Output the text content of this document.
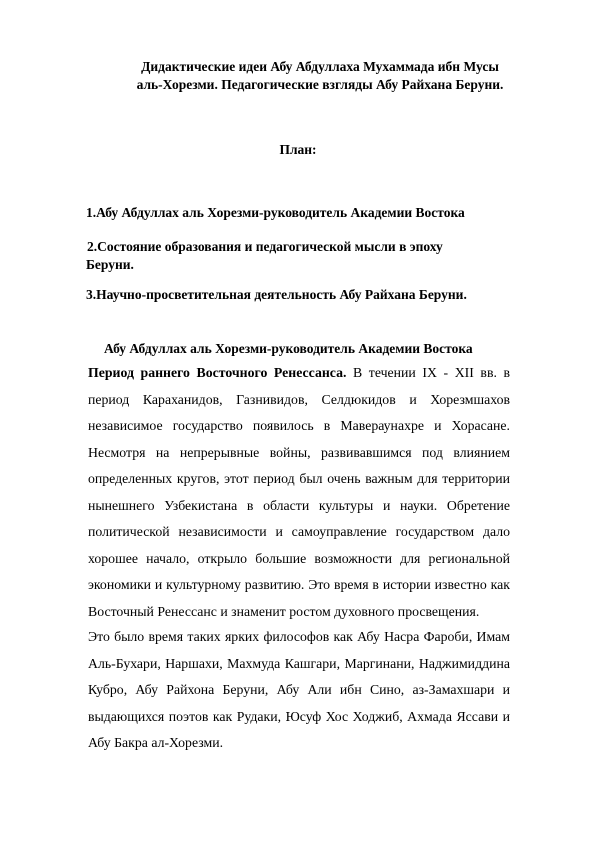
Дидактические идеи Абу Абдуллаха Мухаммада ибн Мусы
аль-Хорезми. Педагогические взгляды Абу Райхана Беруни.
План:
1.Абу Абдуллах аль Хорезми-руководитель Академии Востока
2.Состояние образования и педагогической мысли в эпоху
Беруни.
3.Научно-просветительная деятельность Абу Райхана Беруни.
Абу Абдуллах аль Хорезми-руководитель Академии Востока

Период раннего Восточного Ренессанса. В течении IX - XII вв. в период Караханидов, Газнивидов, Селдюкидов и Хорезмшахов независимое государство появилось в Мавераунахре и Хорасане. Несмотря на непрерывные войны, развивавшимся под влиянием определенных кругов, этот период был очень важным для территории нынешнего Узбекистана в области культуры и науки. Обретение политической независимости и самоуправление государством дало хорошее начало, открыло большие возможности для региональной экономики и культурному развитию. Это время в истории известно как Восточный Ренессанс и знаменит ростом духовного просвещения.

Это было время таких ярких философов как Абу Насра Фароби, Имам Аль-Бухари, Наршахи, Махмуда Кашгари, Маргинани, Наджимиддина Кубро, Абу Райхона Беруни, Абу Али ибн Сино, аз-Замахшари и выдающихся поэтов как Рудаки, Юсуф Хос Ходжиб, Ахмада Яссави и Абу Бакра ал-Хорезми.
